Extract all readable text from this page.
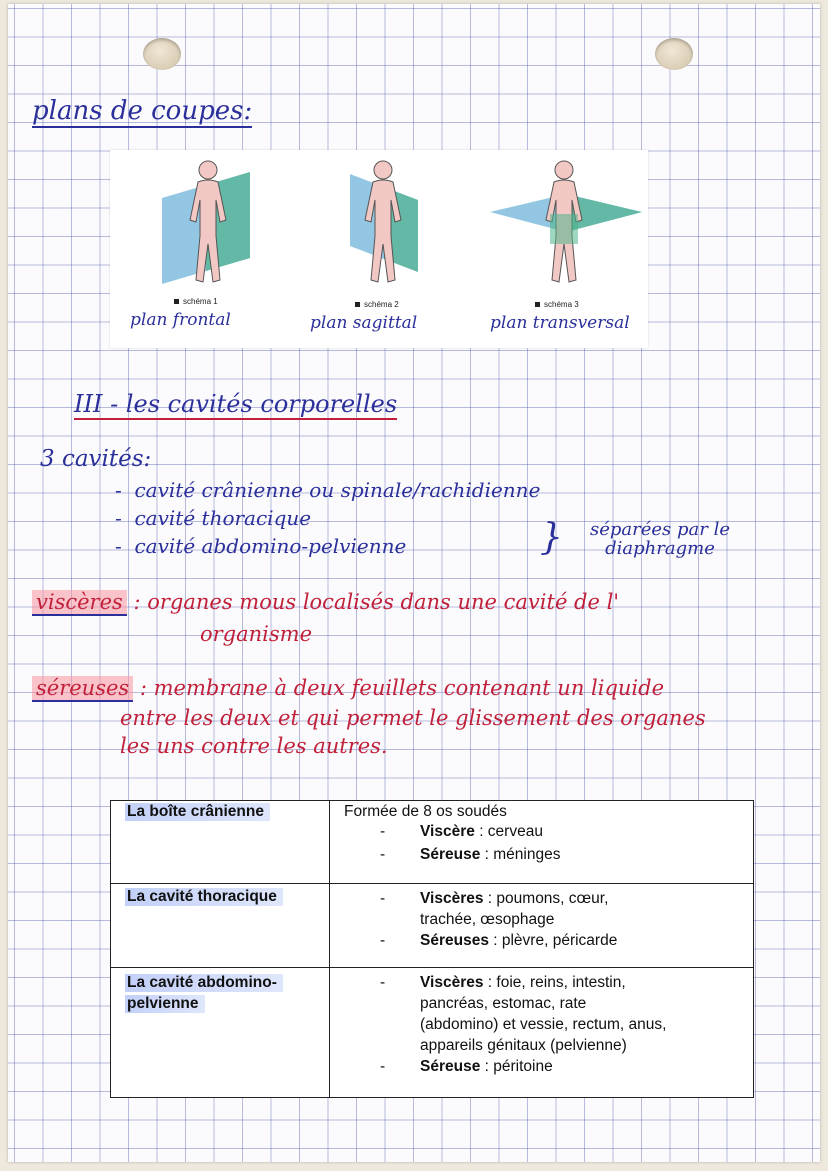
plans de coupes:
schéma 1	schéma 2	schéma 3
plan frontal	plan sagittal	plan transversal
III - les cavités corporelles
3 cavités:
-  cavité crânienne ou spinale/rachidienne
-  cavité thoracique
-  cavité abdomino-pelvienne	}	séparées par le diaphragme
viscères : organes mous localisés dans une cavité de l'
organisme
séreuses : membrane à deux feuillets contenant un liquide
entre les deux et qui permet le glissement des organes
les uns contre les autres.
La boîte crânienne	Formée de 8 os soudés
- Viscère : cerveau
- Séreuse : méninges
La cavité thoracique	- Viscères : poumons, cœur,
trachée, œsophage
- Séreuses : plèvre, péricarde
La cavité abdomino-
pelvienne
- Viscères : foie, reins, intestin,
pancréas, estomac, rate
(abdomino) et vessie, rectum, anus,
appareils génitaux (pelvienne)
- Séreuse : péritoine
